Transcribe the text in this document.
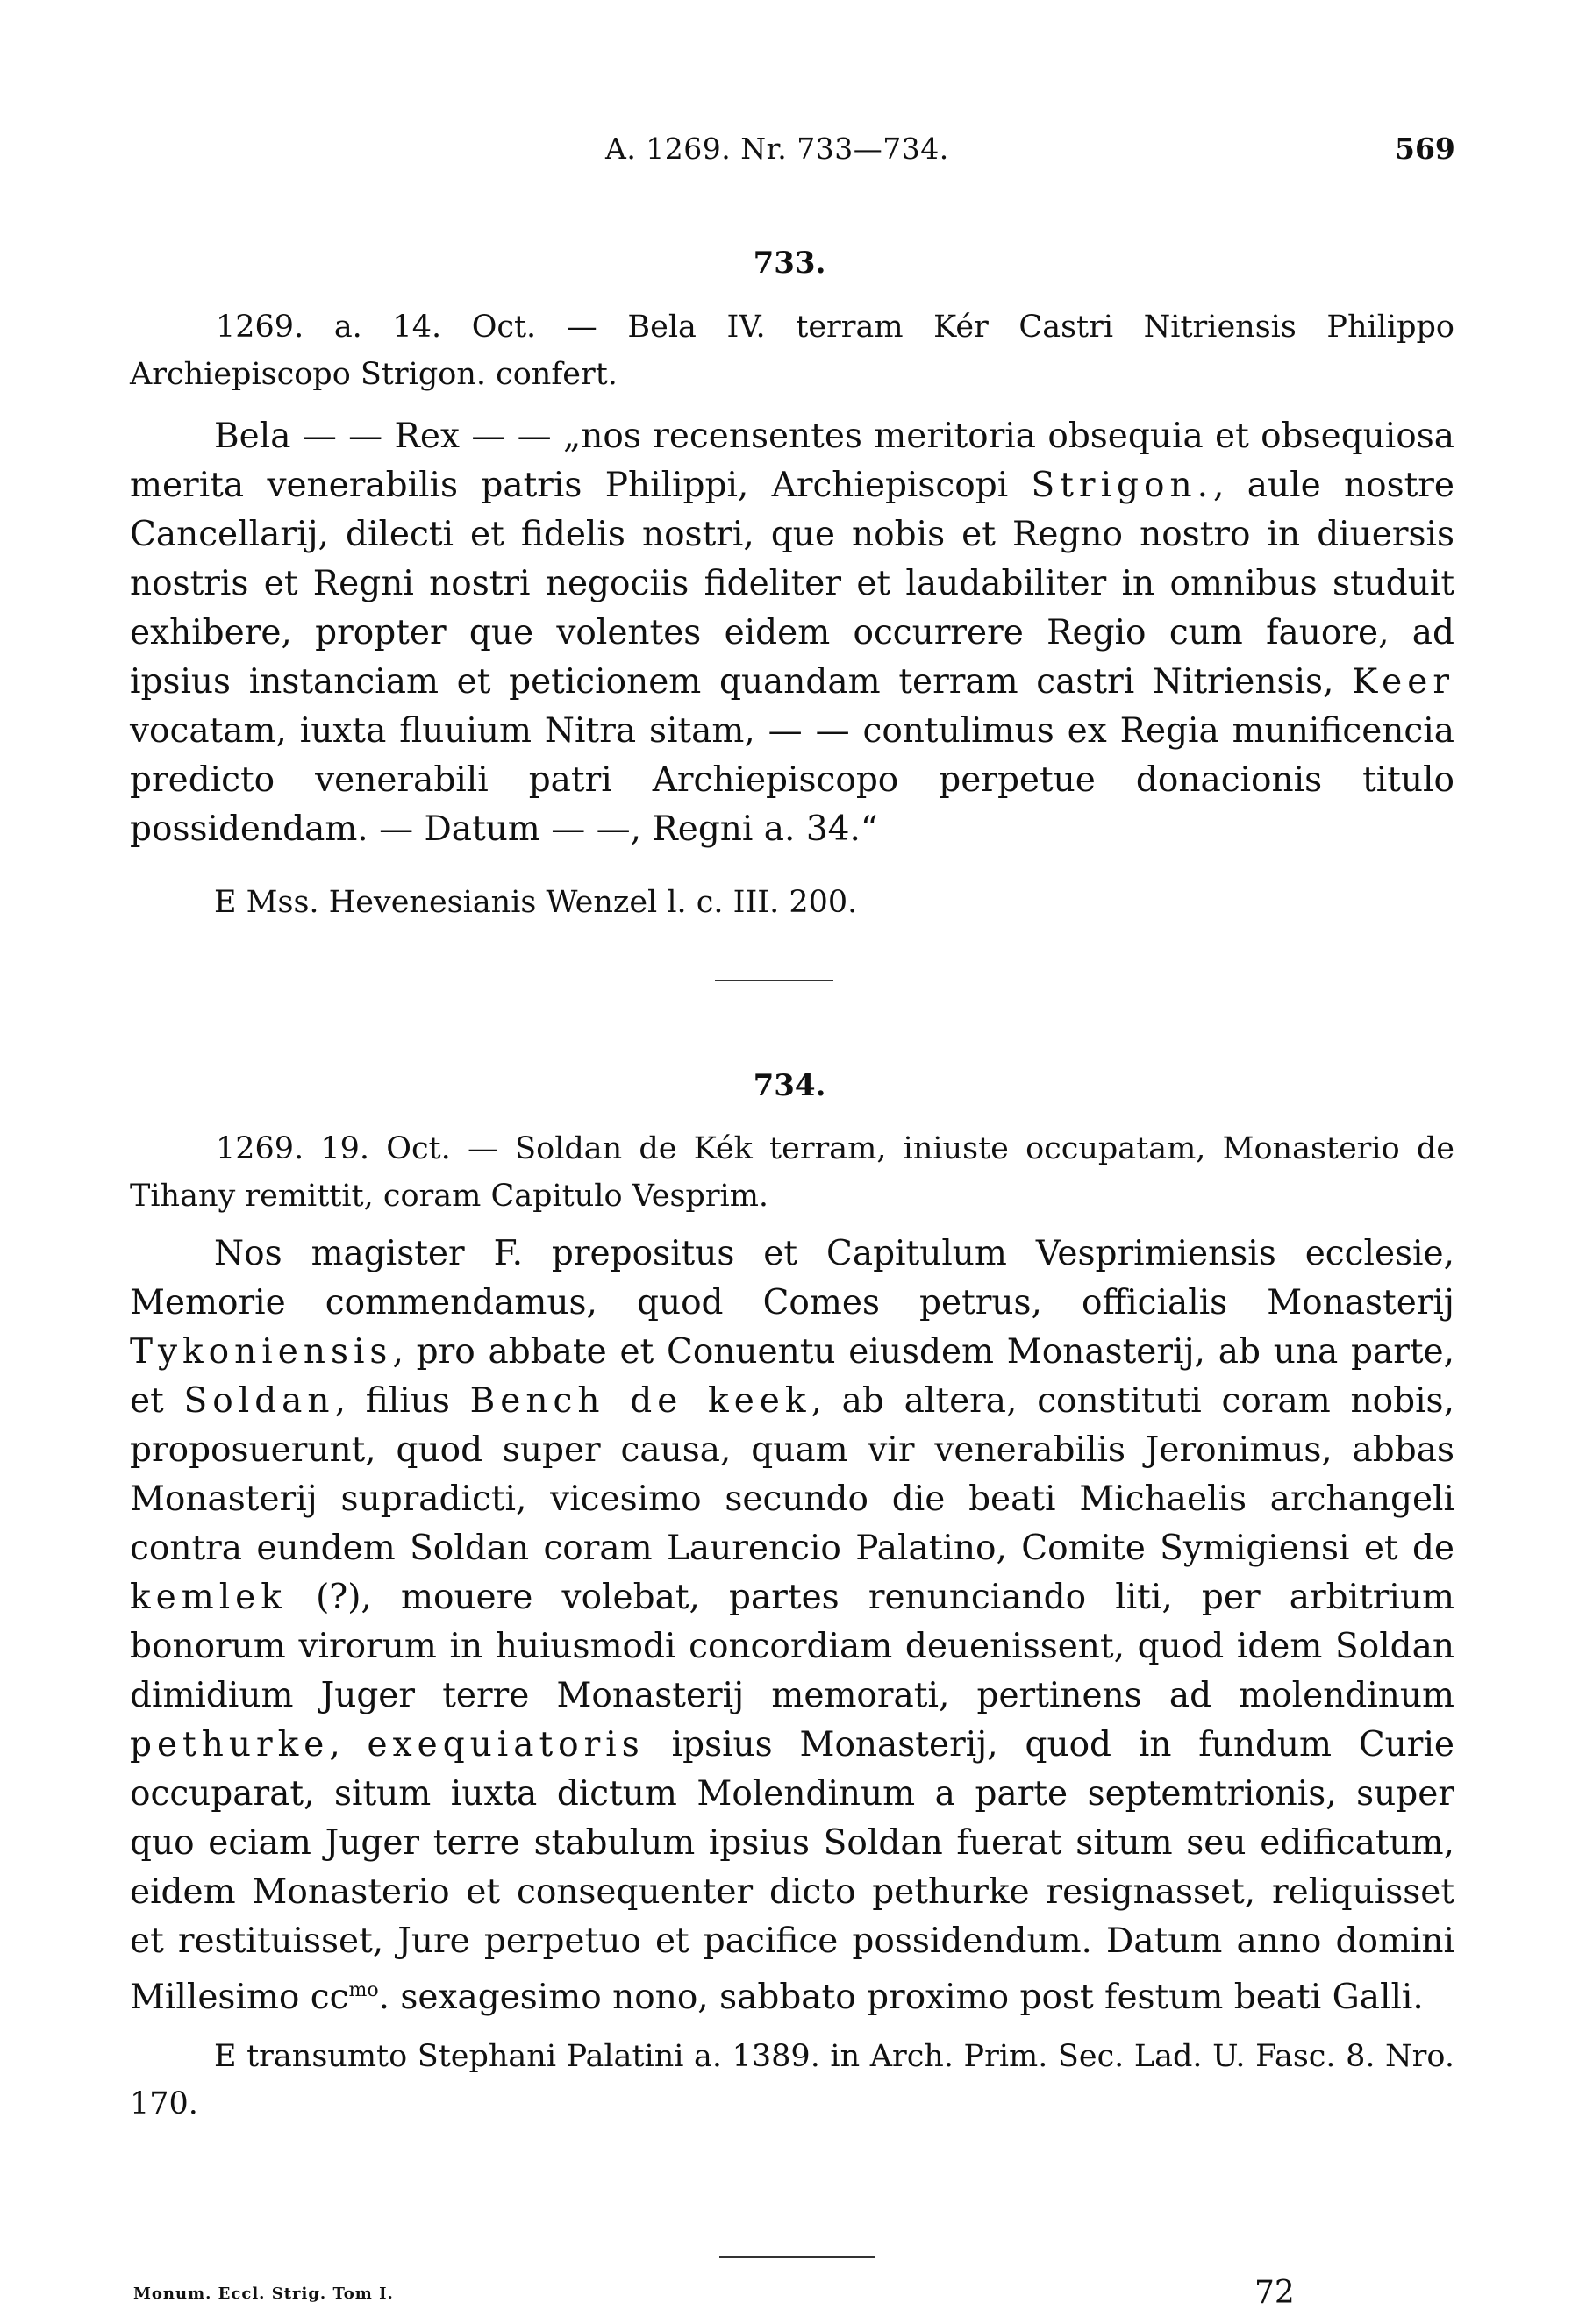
A. 1269. Nr. 733—734.	569
733.
1269. a. 14. Oct. — Bela IV. terram Kér Castri Nitriensis Philippo Archiepiscopo Strigon. confert.

Bela — — Rex — — „nos recensentes meritoria obsequia et obsequiosa merita venerabilis patris Philippi, Archiepiscopi Strigon., aule nostre Cancellarij, dilecti et fidelis nostri, que nobis et Regno nostro in diuersis nostris et Regni nostri negociis fideliter et laudabiliter in omnibus studuit exhibere, propter que volentes eidem occurrere Regio cum fauore, ad ipsius instanciam et peticionem quandam terram castri Nitriensis, Keer vocatam, iuxta fluuium Nitra sitam, — — contulimus ex Regia munificencia predicto venerabili patri Archiepiscopo perpetue donacionis titulo possidendam. — Datum — —, Regni a. 34.“

E Mss. Hevenesianis Wenzel l. c. III. 200.

734.
1269. 19. Oct. — Soldan de Kék terram, iniuste occupatam, Monasterio de Tihany remittit, coram Capitulo Vesprim.

Nos magister F. prepositus et Capitulum Vesprimiensis ecclesie, Memorie commendamus, quod Comes petrus, officialis Monasterij Tykoniensis, pro abbate et Conuentu eiusdem Monasterij, ab una parte, et Soldan, filius Bench de keek, ab altera, constituti coram nobis, proposuerunt, quod super causa, quam vir venerabilis Jeronimus, abbas Monasterij supradicti, vicesimo secundo die beati Michaelis archangeli contra eundem Soldan coram Laurencio Palatino, Comite Symigiensi et de kemlek (?), mouere volebat, partes renunciando liti, per arbitrium bonorum virorum in huiusmodi concordiam deuenissent, quod idem Soldan dimidium Juger terre Monasterij memorati, pertinens ad molendinum pethurke, exequiatoris ipsius Monasterij, quod in fundum Curie occuparat, situm iuxta dictum Molendinum a parte septemtrionis, super quo eciam Juger terre stabulum ipsius Soldan fuerat situm seu edificatum, eidem Monasterio et consequenter dicto pethurke resignasset, reliquisset et restituisset, Jure perpetuo et pacifice possidendum. Datum anno domini Millesimo $cc^{mo}$. sexagesimo nono, sabbato proximo post festum beati Galli.

E transumto Stephani Palatini a. 1389. in Arch. Prim. Sec. Lad. U. Fasc. 8. Nro. 170.

Monum. Eccl. Strig. Tom I.	72
